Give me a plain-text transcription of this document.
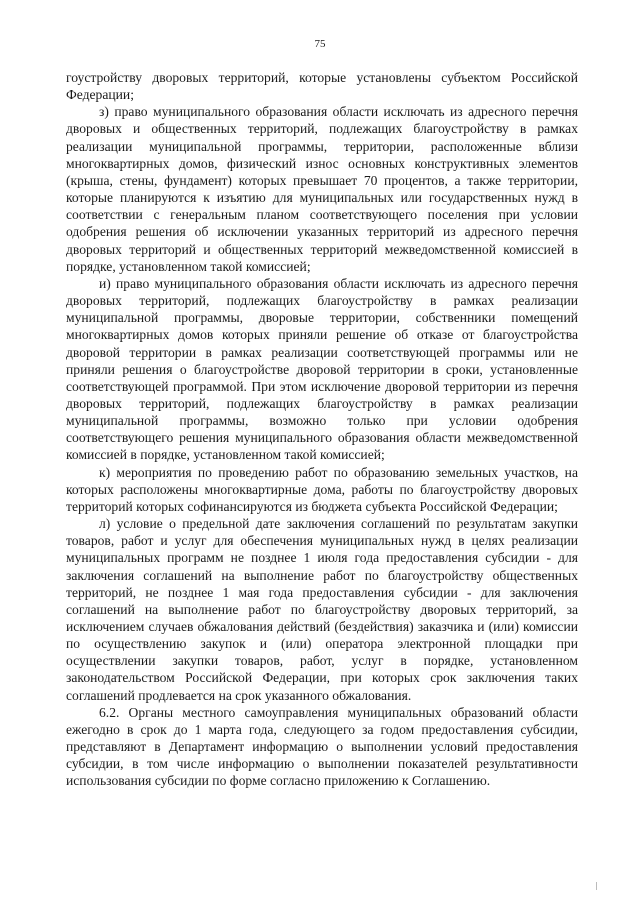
75

гоустройству дворовых территорий, которые установлены субъектом Российской Федерации;

з) право муниципального образования области исключать из адресного перечня дворовых и общественных территорий, подлежащих благоустройству в рамках реализации муниципальной программы, территории, расположенные вблизи многоквартирных домов, физический износ основных конструктивных элементов (крыша, стены, фундамент) которых превышает 70 процентов, а также территории, которые планируются к изъятию для муниципальных или государственных нужд в соответствии с генеральным планом соответствующего поселения при условии одобрения решения об исключении указанных территорий из адресного перечня дворовых территорий и общественных территорий межведомственной комиссией в порядке, установленном такой комиссией;

и) право муниципального образования области исключать из адресного перечня дворовых территорий, подлежащих благоустройству в рамках реализации муниципальной программы, дворовые территории, собственники помещений многоквартирных домов которых приняли решение об отказе от благоустройства дворовой территории в рамках реализации соответствующей программы или не приняли решения о благоустройстве дворовой территории в сроки, установленные соответствующей программой. При этом исключение дворовой территории из перечня дворовых территорий, подлежащих благоустройству в рамках реализации муниципальной программы, возможно только при условии одобрения соответствующего решения муниципального образования области межведомственной комиссией в порядке, установленном такой комиссией;

к) мероприятия по проведению работ по образованию земельных участков, на которых расположены многоквартирные дома, работы по благоустройству дворовых территорий которых софинансируются из бюджета субъекта Российской Федерации;

л) условие о предельной дате заключения соглашений по результатам закупки товаров, работ и услуг для обеспечения муниципальных нужд в целях реализации муниципальных программ не позднее 1 июля года предоставления субсидии - для заключения соглашений на выполнение работ по благоустройству общественных территорий, не позднее 1 мая года предоставления субсидии - для заключения соглашений на выполнение работ по благоустройству дворовых территорий, за исключением случаев обжалования действий (бездействия) заказчика и (или) комиссии по осуществлению закупок и (или) оператора электронной площадки при осуществлении закупки товаров, работ, услуг в порядке, установленном законодательством Российской Федерации, при которых срок заключения таких соглашений продлевается на срок указанного обжалования.

6.2. Органы местного самоуправления муниципальных образований области ежегодно в срок до 1 марта года, следующего за годом предоставления субсидии, представляют в Департамент информацию о выполнении условий предоставления субсидии, в том числе информацию о выполнении показателей результативности использования субсидии по форме согласно приложению к Соглашению.
